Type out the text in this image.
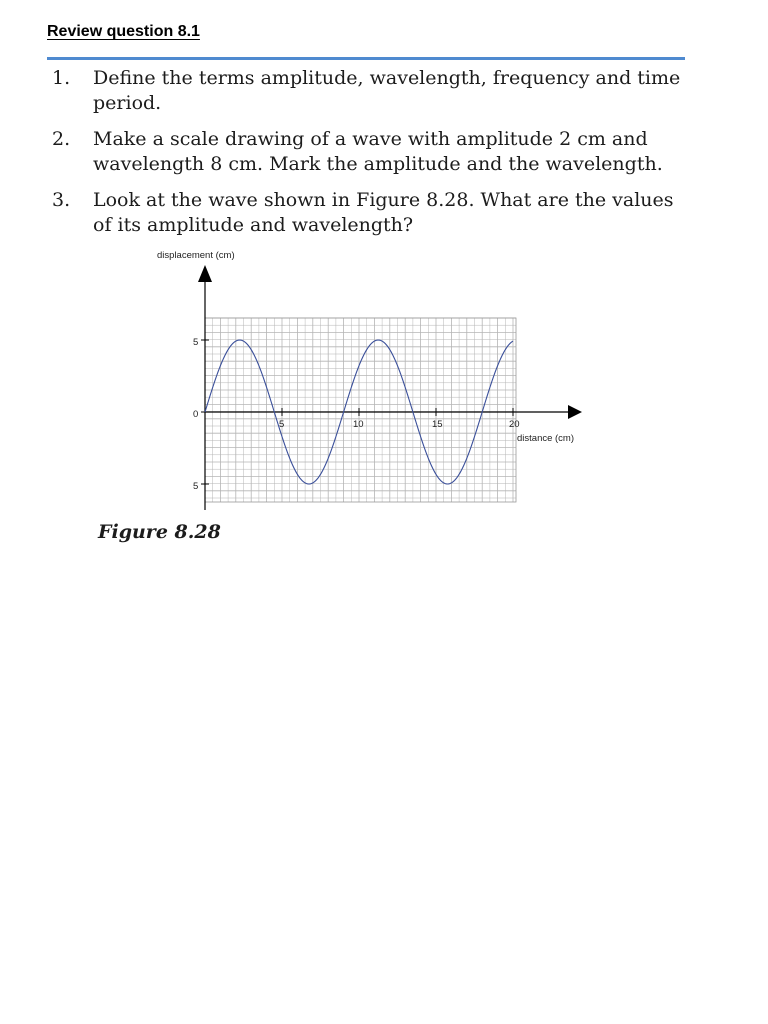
Review question 8.1
1. Define the terms amplitude, wavelength, frequency and time period.
2. Make a scale drawing of a wave with amplitude 2 cm and wavelength 8 cm. Mark the amplitude and the wavelength.
3. Look at the wave shown in Figure 8.28. What are the values of its amplitude and wavelength?
displacement (cm)
distance (cm)
5
0
5
5	10	15	20
Figure 8.28
